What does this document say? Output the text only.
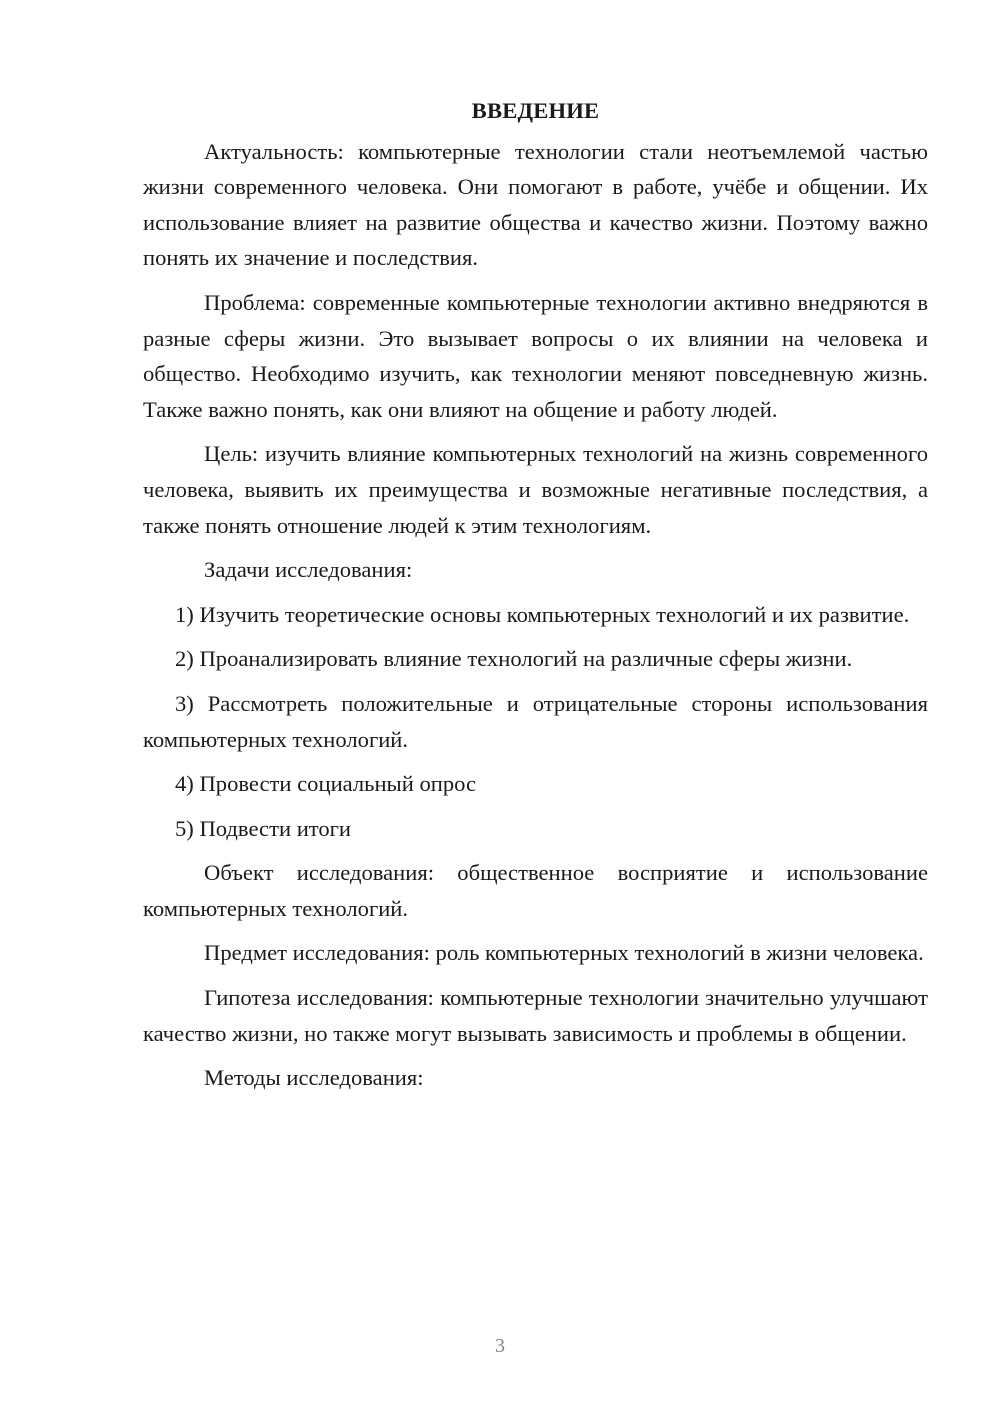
ВВЕДЕНИЕ

Актуальность: компьютерные технологии стали неотъемлемой частью жизни современного человека. Они помогают в работе, учёбе и общении. Их использование влияет на развитие общества и качество жизни. Поэтому важно понять их значение и последствия.

Проблема: современные компьютерные технологии активно внедряются в разные сферы жизни. Это вызывает вопросы о их влиянии на человека и общество. Необходимо изучить, как технологии меняют повседневную жизнь. Также важно понять, как они влияют на общение и работу людей.

Цель: изучить влияние компьютерных технологий на жизнь современного человека, выявить их преимущества и возможные негативные последствия, а также понять отношение людей к этим технологиям.

Задачи исследования:

1) Изучить теоретические основы компьютерных технологий и их развитие.

2) Проанализировать влияние технологий на различные сферы жизни.

3) Рассмотреть положительные и отрицательные стороны использования компьютерных технологий.

4) Провести социальный опрос

5) Подвести итоги

Объект исследования: общественное восприятие и использование компьютерных технологий.

Предмет исследования: роль компьютерных технологий в жизни человека.

Гипотеза исследования: компьютерные технологии значительно улучшают качество жизни, но также могут вызывать зависимость и проблемы в общении.

Методы исследования:

3
